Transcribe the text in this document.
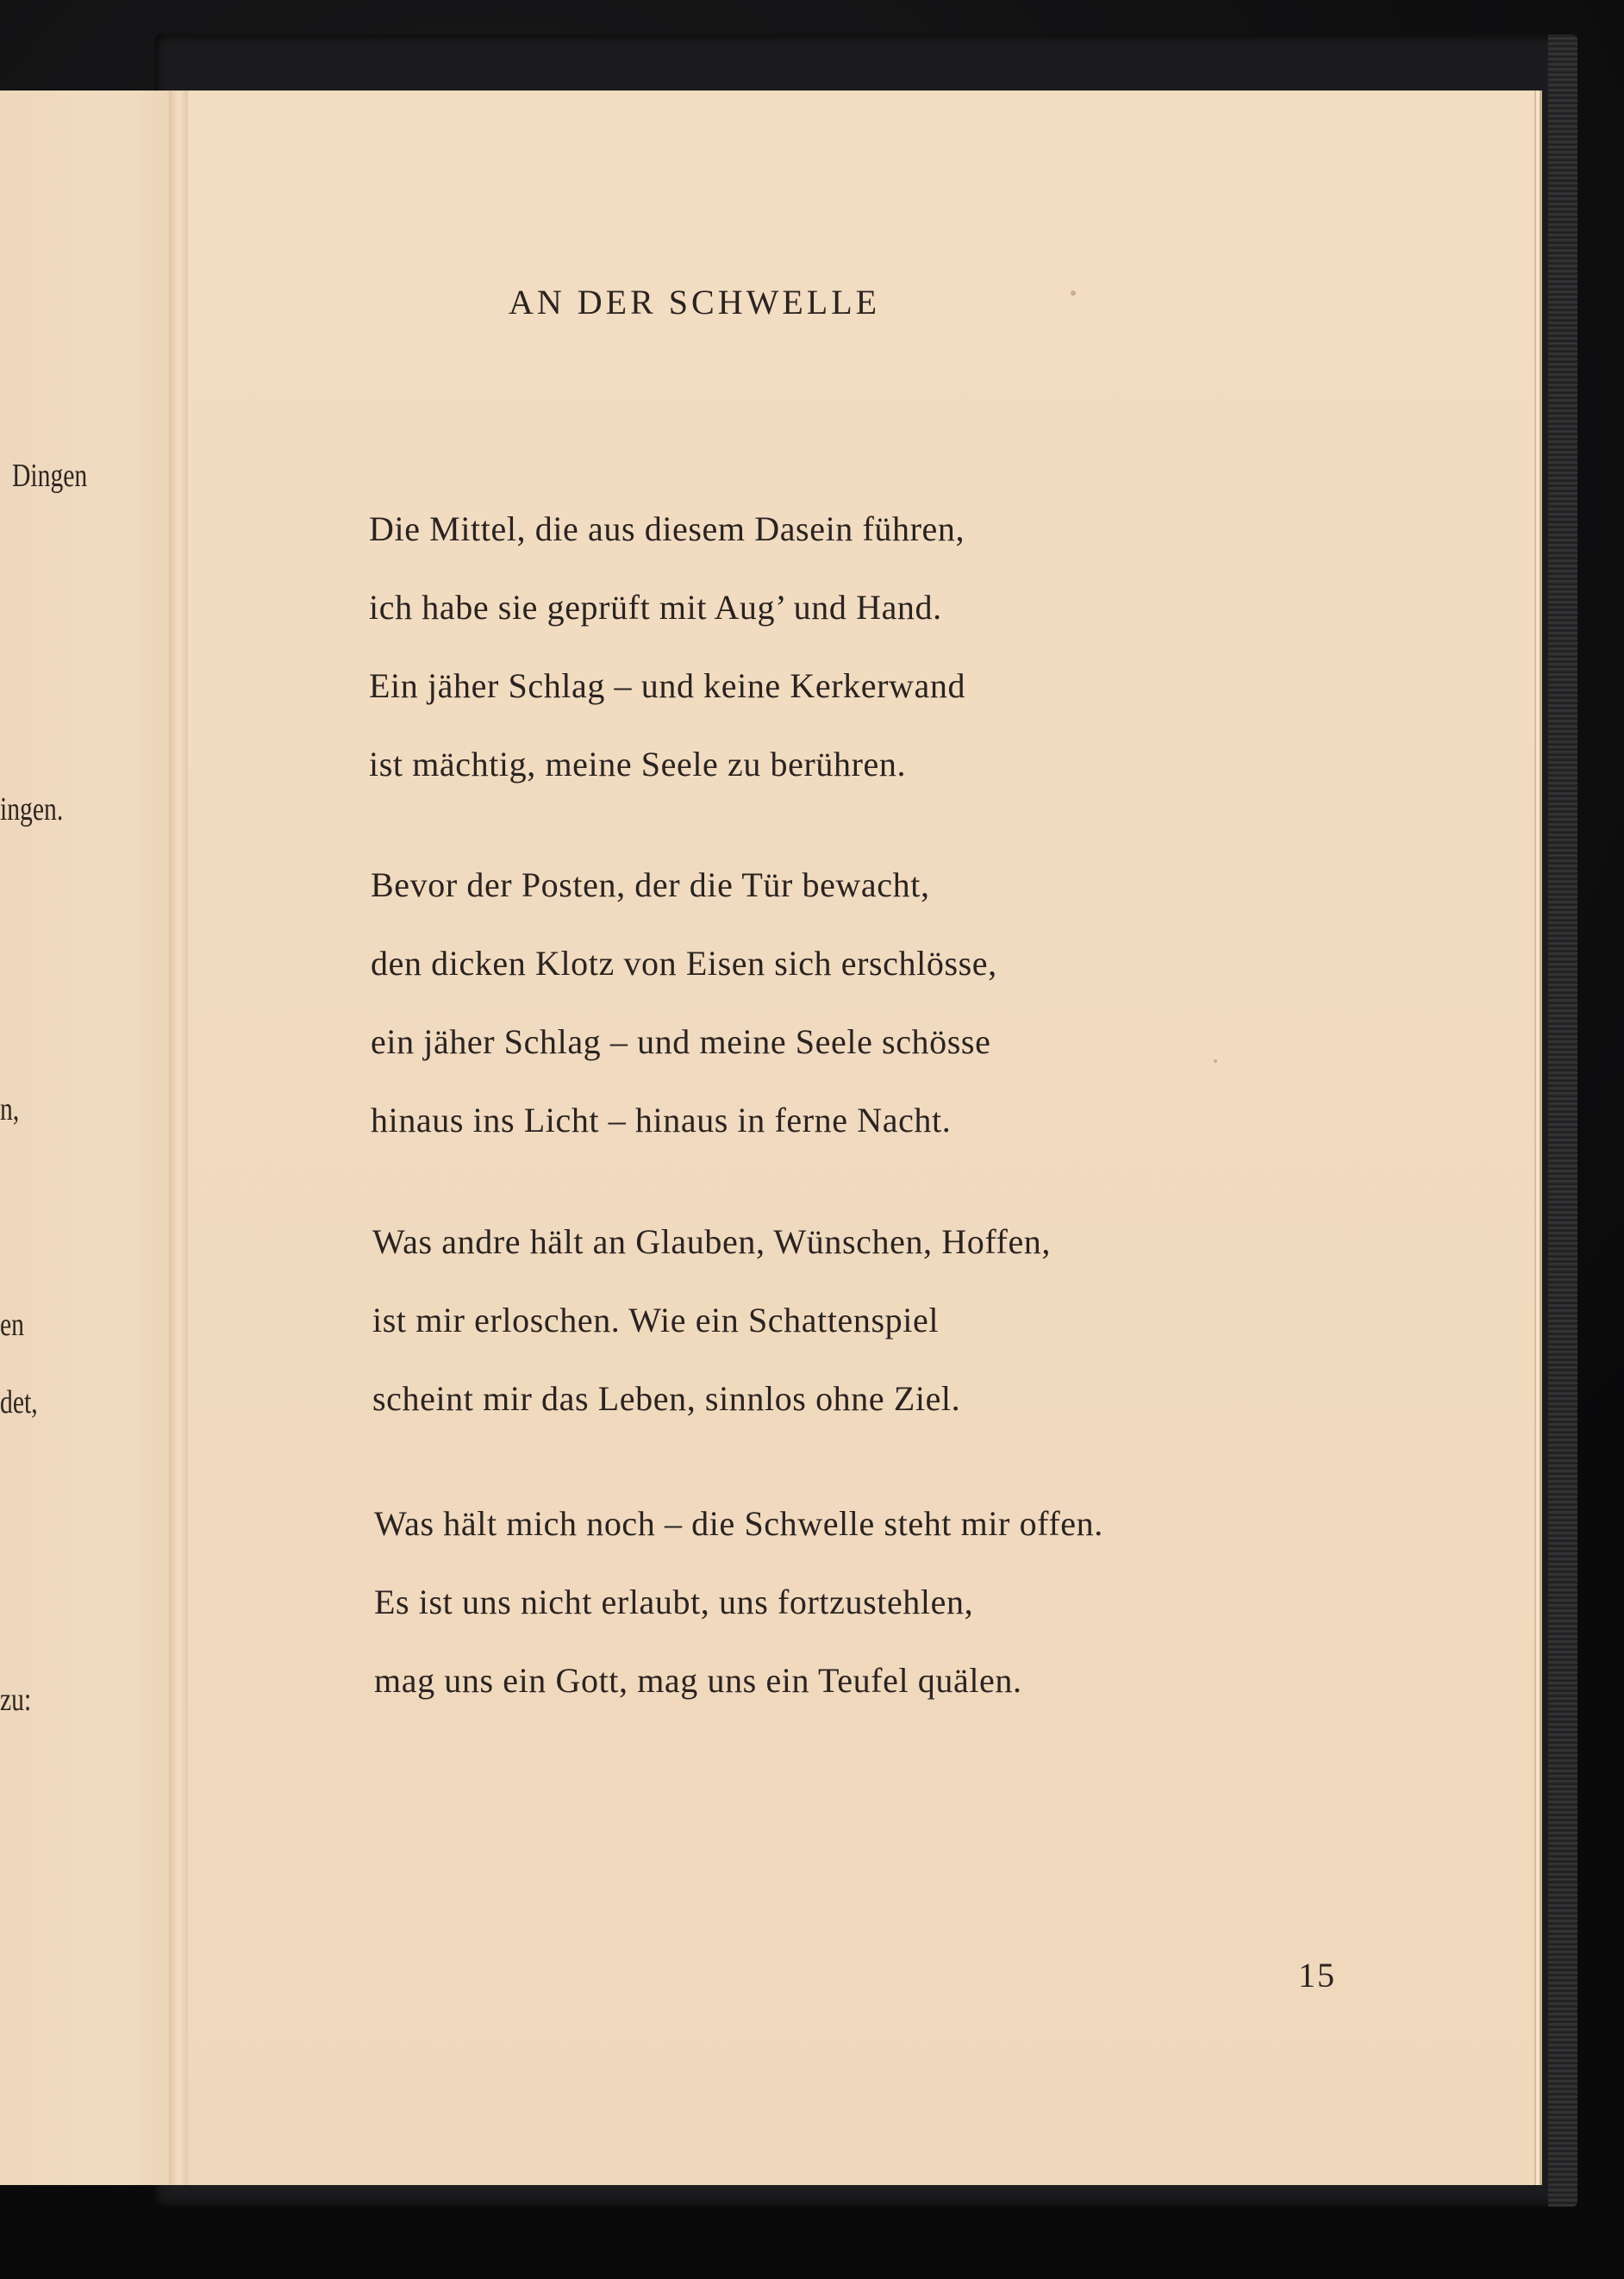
Dingen

ingen.

n,

en

det,

zu:

AN DER SCHWELLE
Die Mittel, die aus diesem Dasein führen,
ich habe sie geprüft mit Aug’ und Hand.
Ein jäher Schlag – und keine Kerkerwand
ist mächtig, meine Seele zu berühren.
Bevor der Posten, der die Tür bewacht,
den dicken Klotz von Eisen sich erschlösse,
ein jäher Schlag – und meine Seele schösse
hinaus ins Licht – hinaus in ferne Nacht.
Was andre hält an Glauben, Wünschen, Hoffen,
ist mir erloschen. Wie ein Schattenspiel
scheint mir das Leben, sinnlos ohne Ziel.
Was hält mich noch – die Schwelle steht mir offen.
Es ist uns nicht erlaubt, uns fortzustehlen,
mag uns ein Gott, mag uns ein Teufel quälen.

15
